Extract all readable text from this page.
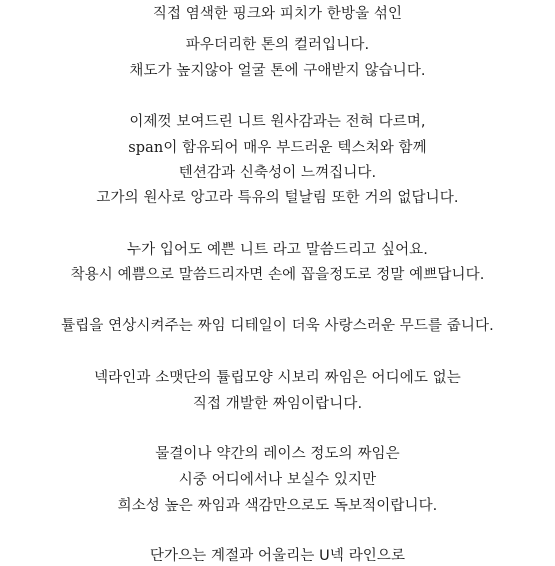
직접 염색한 핑크와 피치가 한방울 섞인
파우더리한 톤의 컬러입니다.
채도가 높지않아 얼굴 톤에 구애받지 않습니다.
이제껏 보여드린 니트 원사감과는 전혀 다르며,
span이 함유되어 매우 부드러운 텍스처와 함께
텐션감과 신축성이 느껴집니다.
고가의 원사로 앙고라 특유의 털날림 또한 거의 없답니다.
누가 입어도 예쁜 니트 라고 말씀드리고 싶어요.
착용시 예쁨으로 말씀드리자면 손에 꼽을정도로 정말 예쁘답니다.
튤립을 연상시켜주는 짜임 디테일이 더욱 사랑스러운 무드를 줍니다.
넥라인과 소맷단의 튤립모양 시보리 짜임은 어디에도 없는
직접 개발한 짜임이랍니다.
물결이나 약간의 레이스 정도의 짜임은
시중 어디에서나 보실수 있지만
희소성 높은 짜임과 색감만으로도 독보적이랍니다.
단가으는 계절과 어울리는 U넥 라인으로
